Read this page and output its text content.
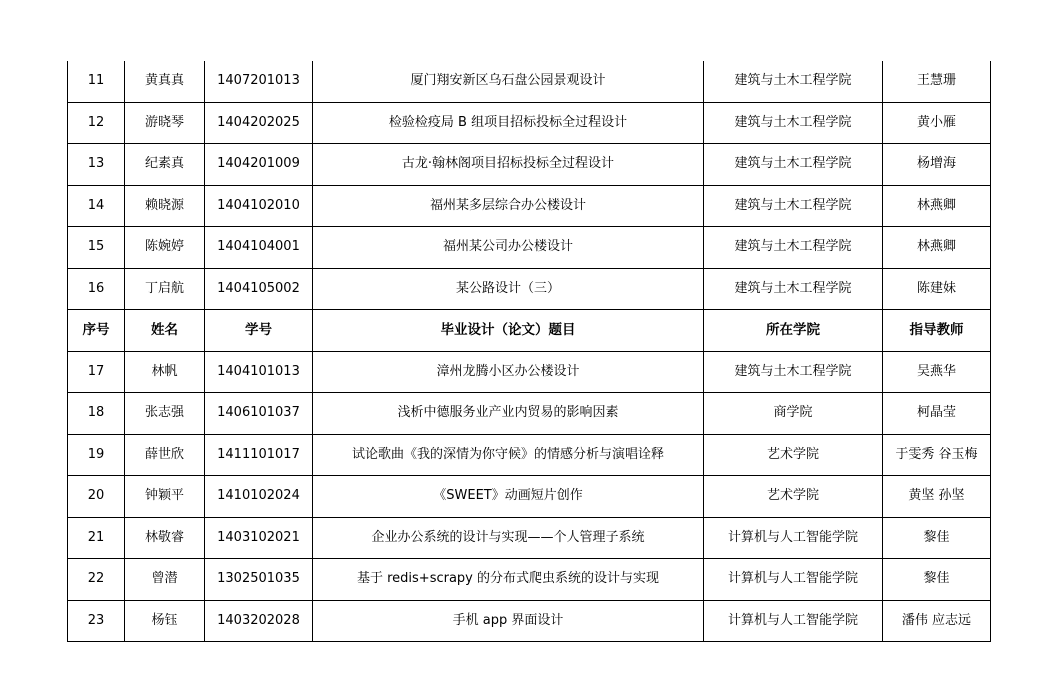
11	黄真真	1407201013	厦门翔安新区乌石盘公园景观设计	建筑与土木工程学院	王慧珊
12	游晓琴	1404202025	检验检疫局 B 组项目招标投标全过程设计	建筑与土木工程学院	黄小雁
13	纪素真	1404201009	古龙·翰林阁项目招标投标全过程设计	建筑与土木工程学院	杨增海
14	赖晓源	1404102010	福州某多层综合办公楼设计	建筑与土木工程学院	林燕卿
15	陈婉婷	1404104001	福州某公司办公楼设计	建筑与土木工程学院	林燕卿
16	丁启航	1404105002	某公路设计（三）	建筑与土木工程学院	陈建妹
序号	姓名	学号	毕业设计（论文）题目	所在学院	指导教师
17	林帆	1404101013	漳州龙腾小区办公楼设计	建筑与土木工程学院	吴燕华
18	张志强	1406101037	浅析中德服务业产业内贸易的影响因素	商学院	柯晶莹
19	薛世欣	1411101017	试论歌曲《我的深情为你守候》的情感分析与演唱诠释	艺术学院	于雯秀 谷玉梅
20	钟颖平	1410102024	《SWEET》动画短片创作	艺术学院	黄坚 孙坚
21	林敬睿	1403102021	企业办公系统的设计与实现——个人管理子系统	计算机与人工智能学院	黎佳
22	曾潜	1302501035	基于 redis+scrapy 的分布式爬虫系统的设计与实现	计算机与人工智能学院	黎佳
23	杨钰	1403202028	手机 app 界面设计	计算机与人工智能学院	潘伟 应志远
